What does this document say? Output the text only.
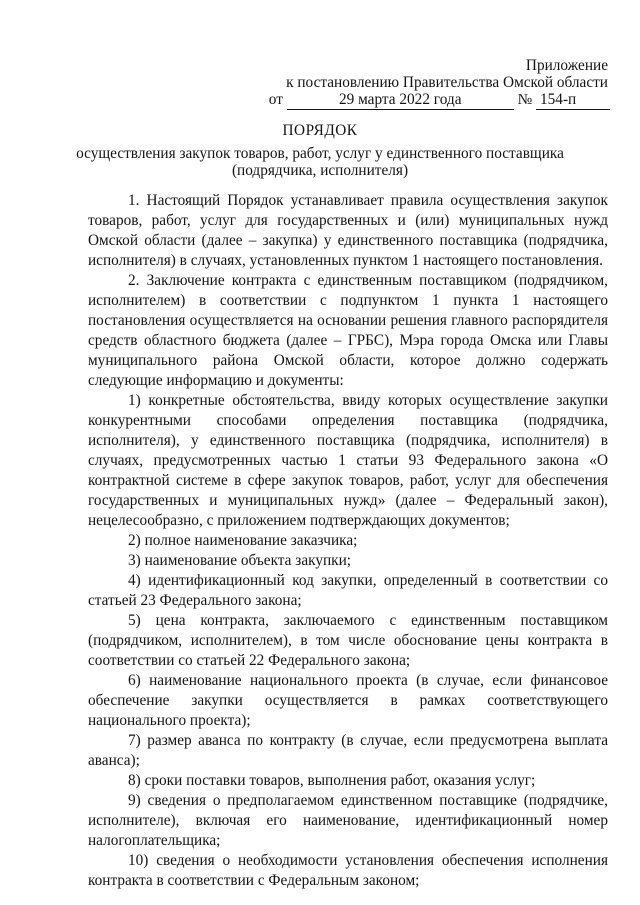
Приложение
к постановлению Правительства Омской области
от	29 марта 2022 года	№ 154-п
ПОРЯДОК
осуществления закупок товаров, работ, услуг у единственного поставщика
(подрядчика, исполнителя)

1. Настоящий Порядок устанавливает правила осуществления закупок товаров, работ, услуг для государственных и (или) муниципальных нужд Омской области (далее – закупка) у единственного поставщика (подрядчика, исполнителя) в случаях, установленных пунктом 1 настоящего постановления.

2. Заключение контракта с единственным поставщиком (подрядчиком, исполнителем) в соответствии с подпунктом 1 пункта 1 настоящего постановления осуществляется на основании решения главного распорядителя средств областного бюджета (далее – ГРБС), Мэра города Омска или Главы муниципального района Омской области, которое должно содержать следующие информацию и документы:

1) конкретные обстоятельства, ввиду которых осуществление закупки конкурентными способами определения поставщика (подрядчика, исполнителя), у единственного поставщика (подрядчика, исполнителя) в случаях, предусмотренных частью 1 статьи 93 Федерального закона «О контрактной системе в сфере закупок товаров, работ, услуг для обеспечения государственных и муниципальных нужд» (далее – Федеральный закон), нецелесообразно, с приложением подтверждающих документов;

2) полное наименование заказчика;

3) наименование объекта закупки;

4) идентификационный код закупки, определенный в соответствии со статьей 23 Федерального закона;

5) цена контракта, заключаемого с единственным поставщиком (подрядчиком, исполнителем), в том числе обоснование цены контракта в соответствии со статьей 22 Федерального закона;

6) наименование национального проекта (в случае, если финансовое обеспечение закупки осуществляется в рамках соответствующего национального проекта);

7) размер аванса по контракту (в случае, если предусмотрена выплата аванса);

8) сроки поставки товаров, выполнения работ, оказания услуг;

9) сведения о предполагаемом единственном поставщике (подрядчике, исполнителе), включая его наименование, идентификационный номер налогоплательщика;

10) сведения о необходимости установления обеспечения исполнения контракта в соответствии с Федеральным законом;
